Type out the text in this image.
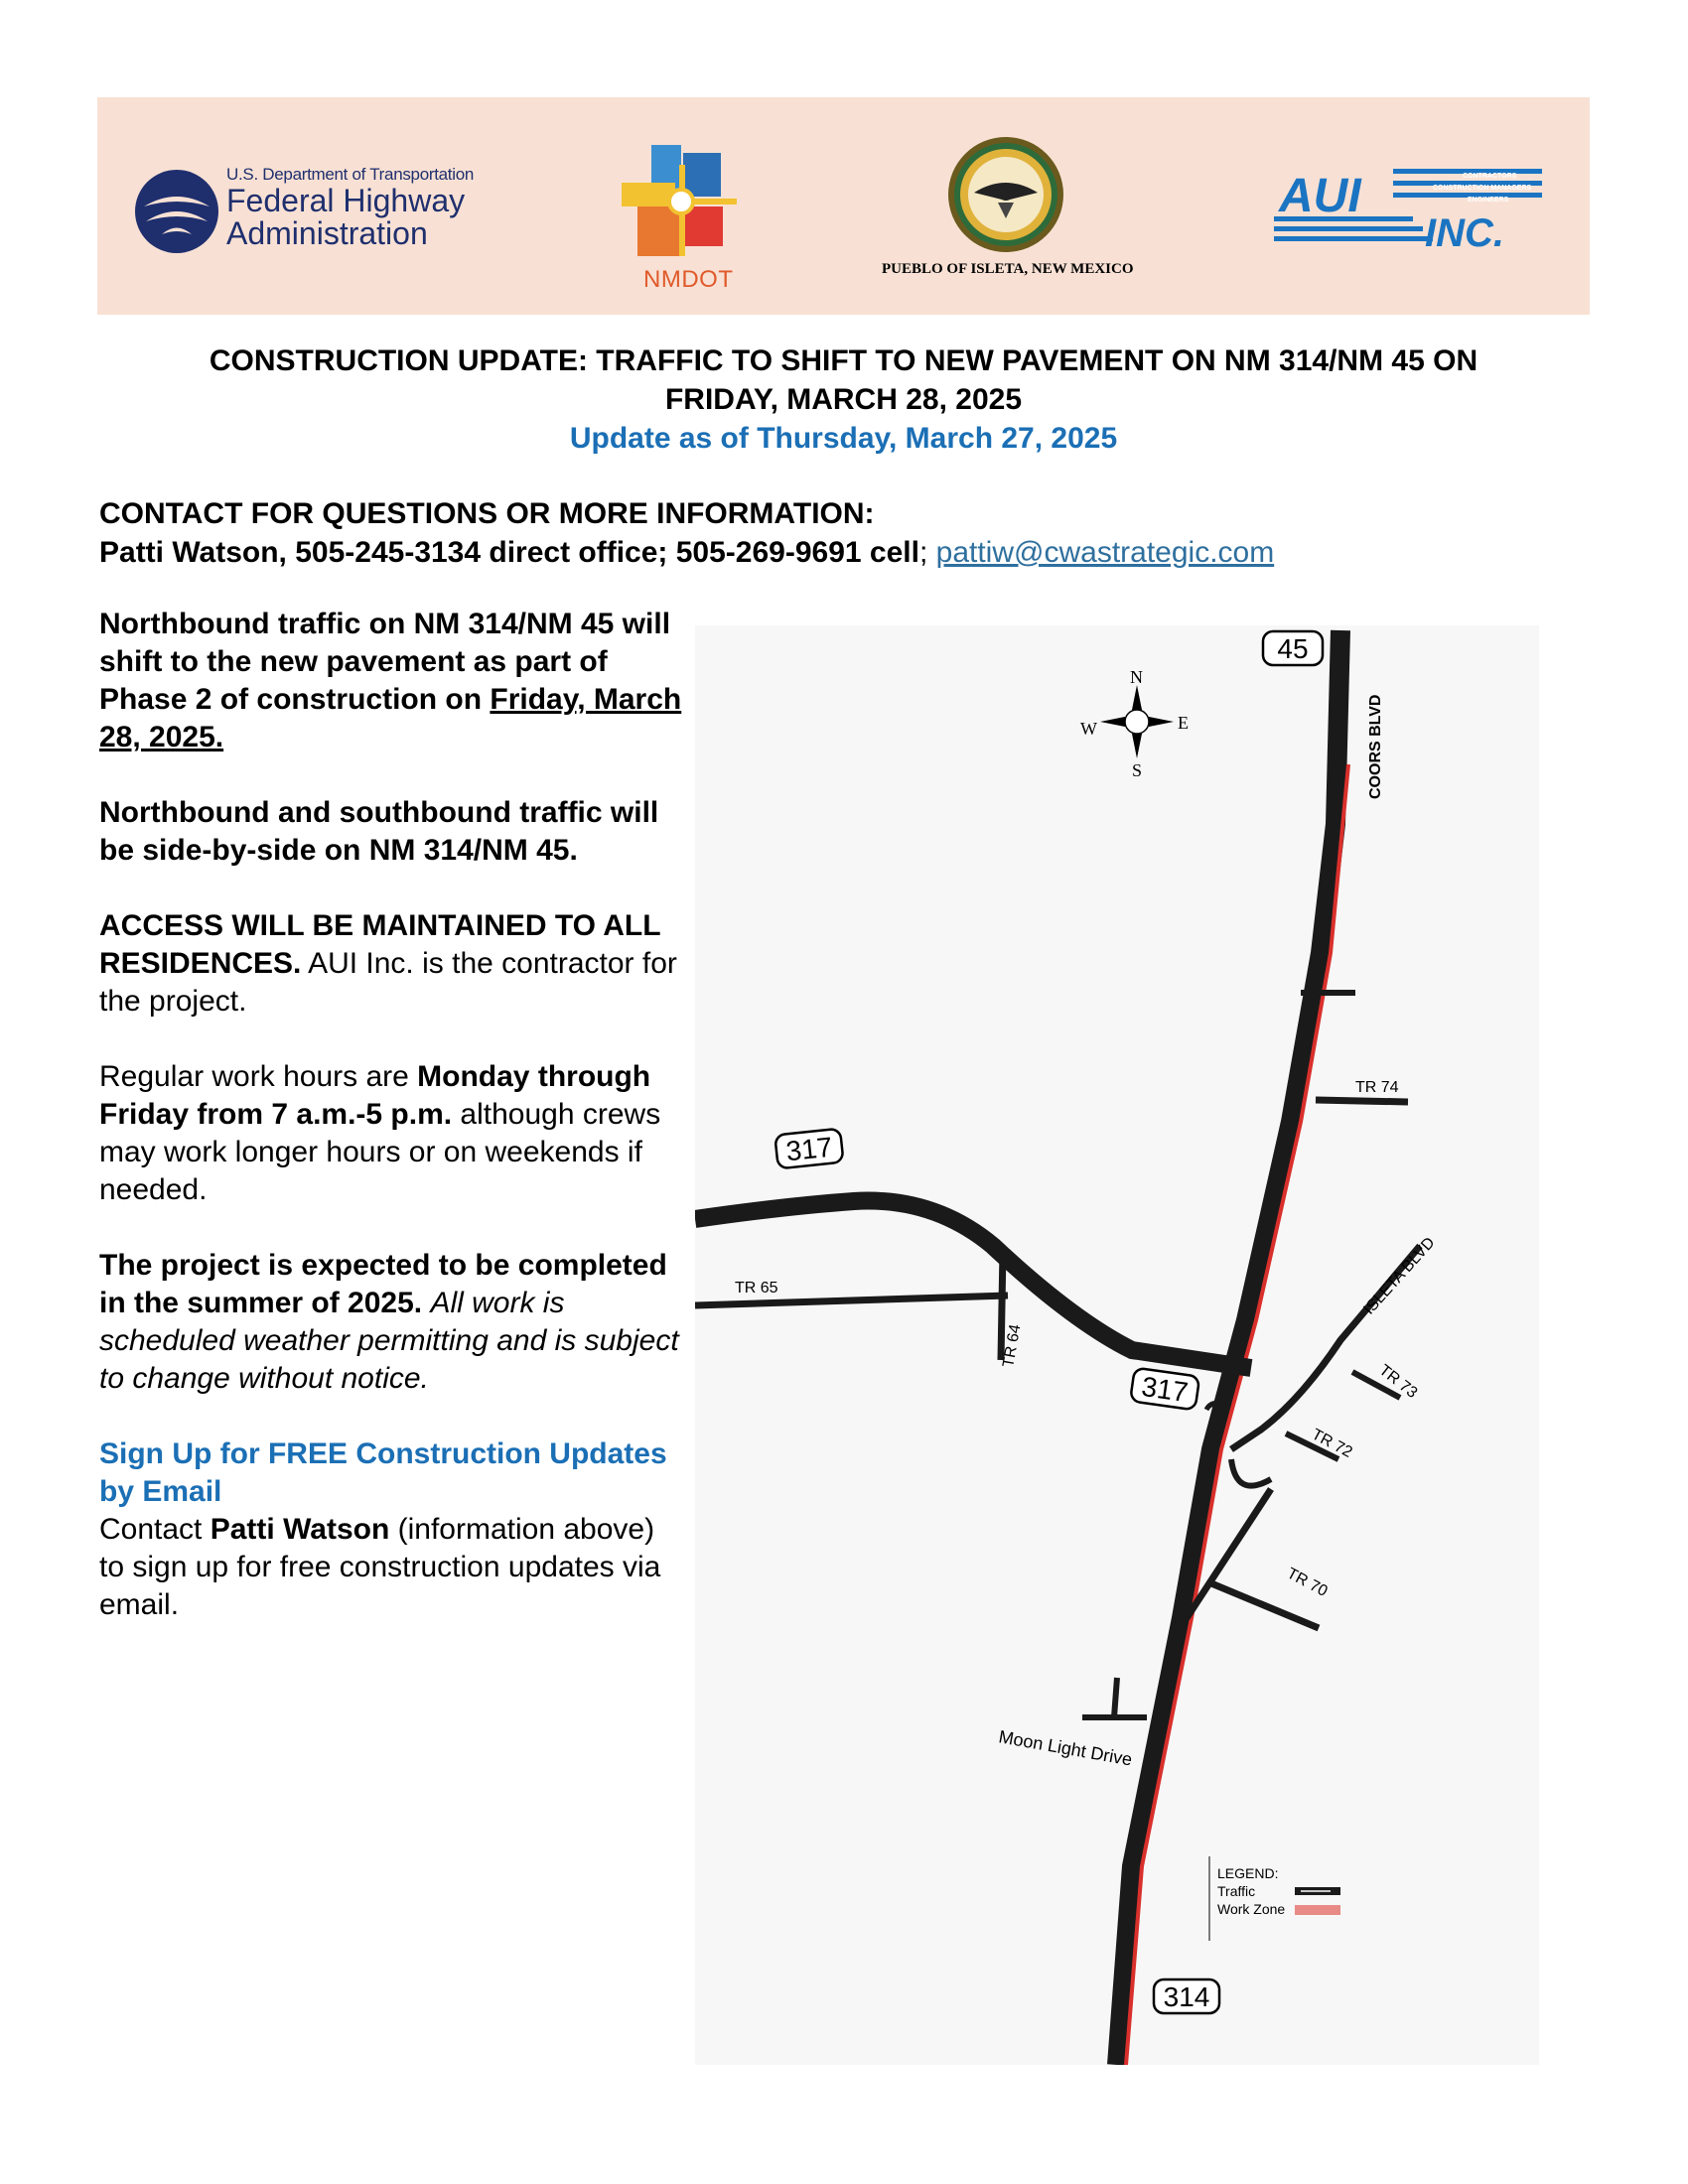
U.S. Department of Transportation
Federal Highway
Administration
NMDOT	PUEBLO OF ISLETA, NEW MEXICO
AUI
INC.
CONTRACTORS
CONSTRUCTION MANAGERS
ENGINEERS
CONSTRUCTION UPDATE: TRAFFIC TO SHIFT TO NEW PAVEMENT ON NM 314/NM 45 ON
FRIDAY, MARCH 28, 2025
Update as of Thursday, March 27, 2025
CONTACT FOR QUESTIONS OR MORE INFORMATION:
Patti Watson, 505-245-3134 direct office; 505-269-9691 cell; pattiw@cwastrategic.com

Northbound traffic on NM 314/NM 45 will shift to the new pavement as part of Phase 2 of construction on Friday, March 28, 2025.

Northbound and southbound traffic will be side-by-side on NM 314/NM 45.

ACCESS WILL BE MAINTAINED TO ALL RESIDENCES. AUI Inc. is the contractor for the project.

Regular work hours are Monday through Friday from 7 a.m.-5 p.m. although crews may work longer hours or on weekends if needed.

The project is expected to be completed in the summer of 2025. All work is scheduled weather permitting and is subject to change without notice.

Sign Up for FREE Construction Updates by Email
Contact Patti Watson (information above) to sign up for free construction updates via email.
N
S
E
W
45
317
317
314
COORS BLVD
TR 74
TR 65
TR 64
ISLETA BLVD
TR 73
TR 72
TR 70
Moon Light Drive
LEGEND:
Traffic
Work Zone
